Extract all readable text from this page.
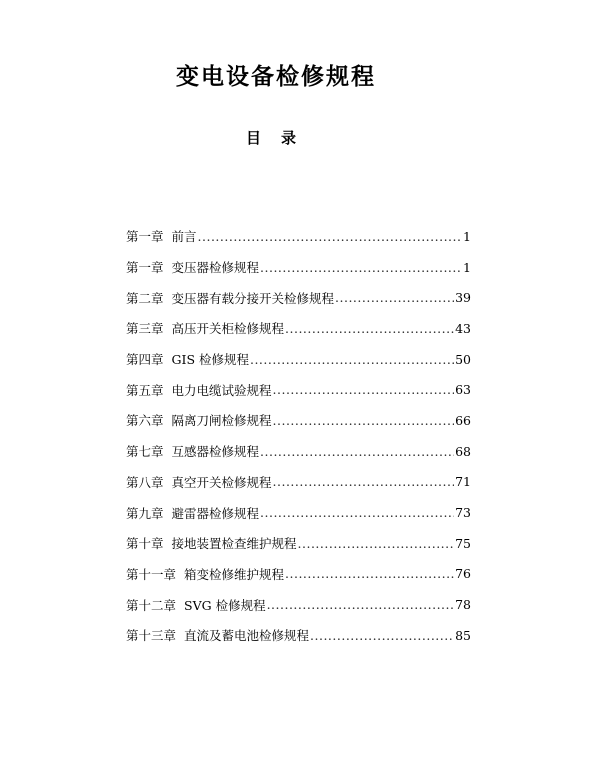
变电设备检修规程
目录
第一章 前言 .....	1
第一章 变压器检修规程 .....	1
第二章 变压器有载分接开关检修规程 .....	39
第三章 高压开关柜检修规程 .....	43
第四章 GIS 检修规程 .....	50
第五章 电力电缆试验规程 .....	63
第六章 隔离刀闸检修规程 .....	66
第七章 互感器检修规程 .....	68
第八章 真空开关检修规程 .....	71
第九章 避雷器检修规程 .....	73
第十章 接地装置检查维护规程 .....	75
第十一章 箱变检修维护规程 .....	76
第十二章 SVG 检修规程 .....	78
第十三章 直流及蓄电池检修规程 .....	85
